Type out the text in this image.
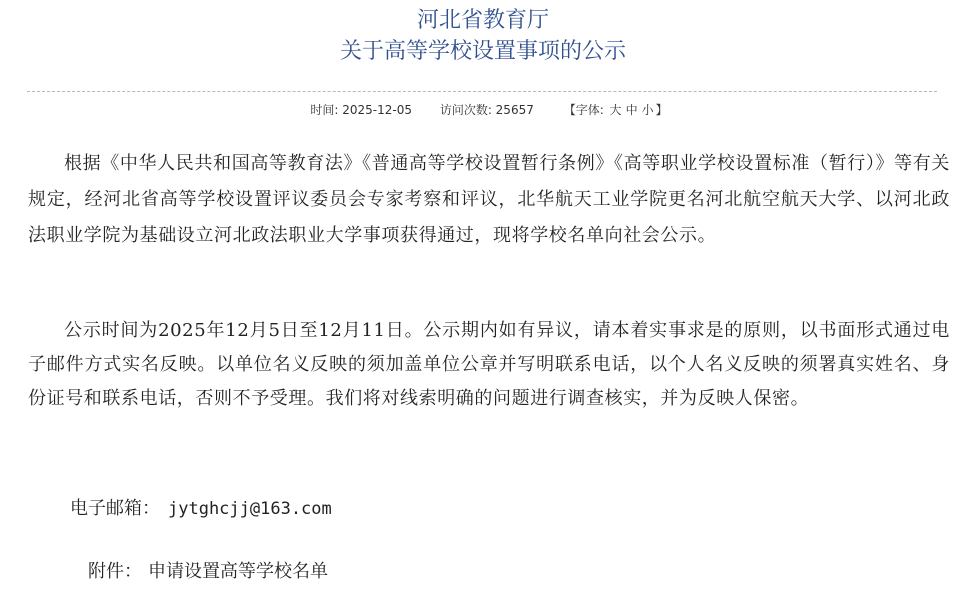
河北省教育厅
关于高等学校设置事项的公示
时间: 2025-12-05 访问次数: 25657 【字体: 大 中 小 】

根据《中华人民共和国高等教育法》《普通高等学校设置暂行条例》《高等职业学校设置标准（暂行）》等有关规定，经河北省高等学校设置评议委员会专家考察和评议，北华航天工业学院更名河北航空航天大学、以河北政法职业学院为基础设立河北政法职业大学事项获得通过，现将学校名单向社会公示。

公示时间为2025年12月5日至12月11日。公示期内如有异议，请本着实事求是的原则，以书面形式通过电子邮件方式实名反映。以单位名义反映的须加盖单位公章并写明联系电话，以个人名义反映的须署真实姓名、身份证号和联系电话，否则不予受理。我们将对线索明确的问题进行调查核实，并为反映人保密。

电子邮箱： jytghcjj@163.com
附件： 申请设置高等学校名单
